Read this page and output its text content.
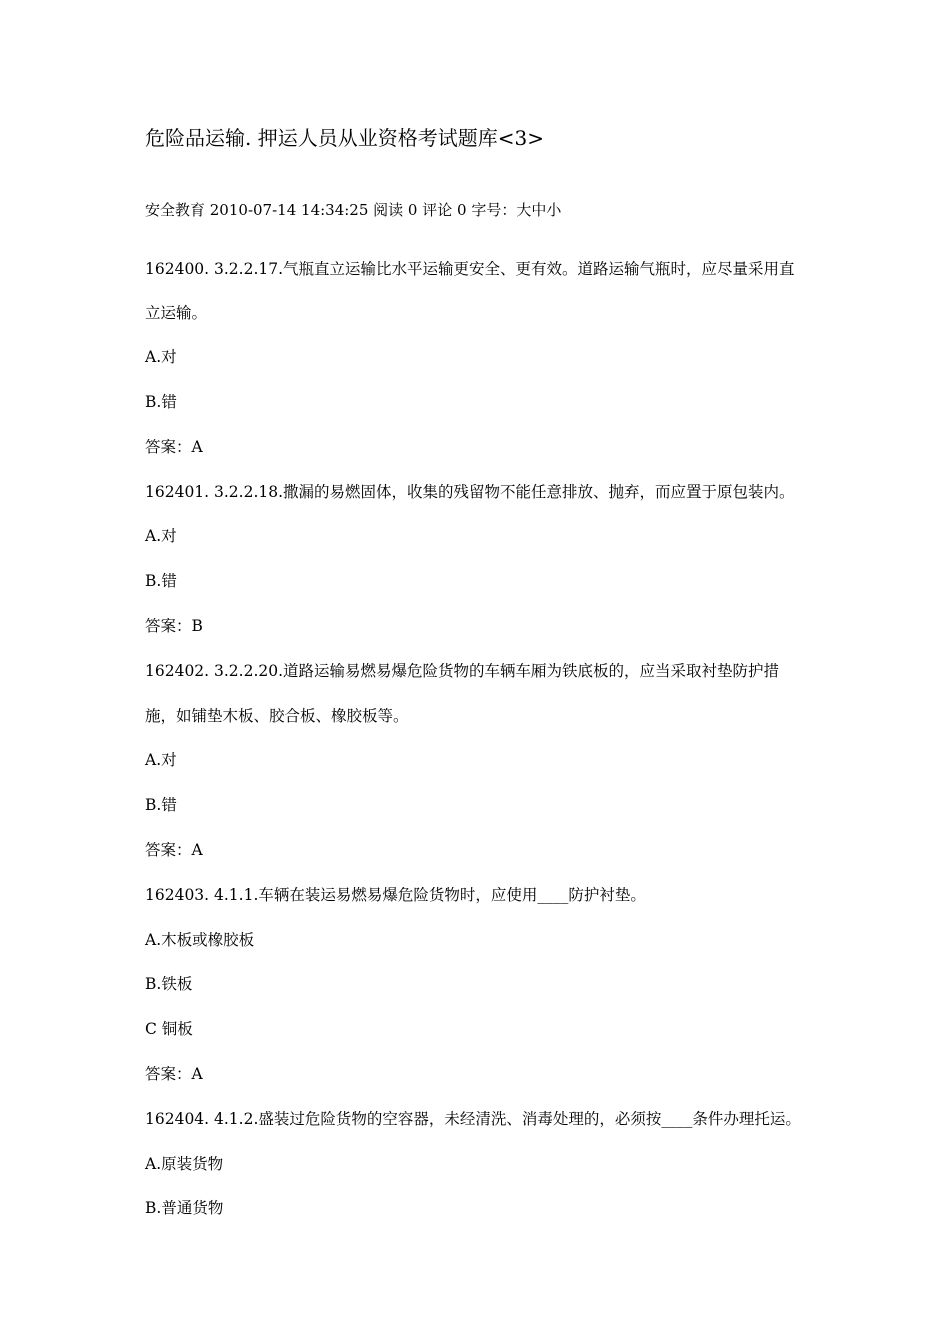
危险品运输. 押运人员从业资格考试题库<3>
安全教育 2010-07-14 14:34:25 阅读 0 评论 0 字号：大中小
162400. 3.2.2.17.气瓶直立运输比水平运输更安全、更有效。道路运输气瓶时，应尽量采用直
立运输。
A.对
B.错
答案：A
162401. 3.2.2.18.撒漏的易燃固体，收集的残留物不能任意排放、抛弃，而应置于原包装内。
A.对
B.错
答案：B
162402. 3.2.2.20.道路运输易燃易爆危险货物的车辆车厢为铁底板的，应当采取衬垫防护措
施，如铺垫木板、胶合板、橡胶板等。
A.对
B.错
答案：A
162403. 4.1.1.车辆在装运易燃易爆危险货物时，应使用____防护衬垫。
A.木板或橡胶板
B.铁板
C 铜板
答案：A
162404. 4.1.2.盛装过危险货物的空容器，未经清洗、消毒处理的，必须按____条件办理托运。
A.原装货物
B.普通货物
